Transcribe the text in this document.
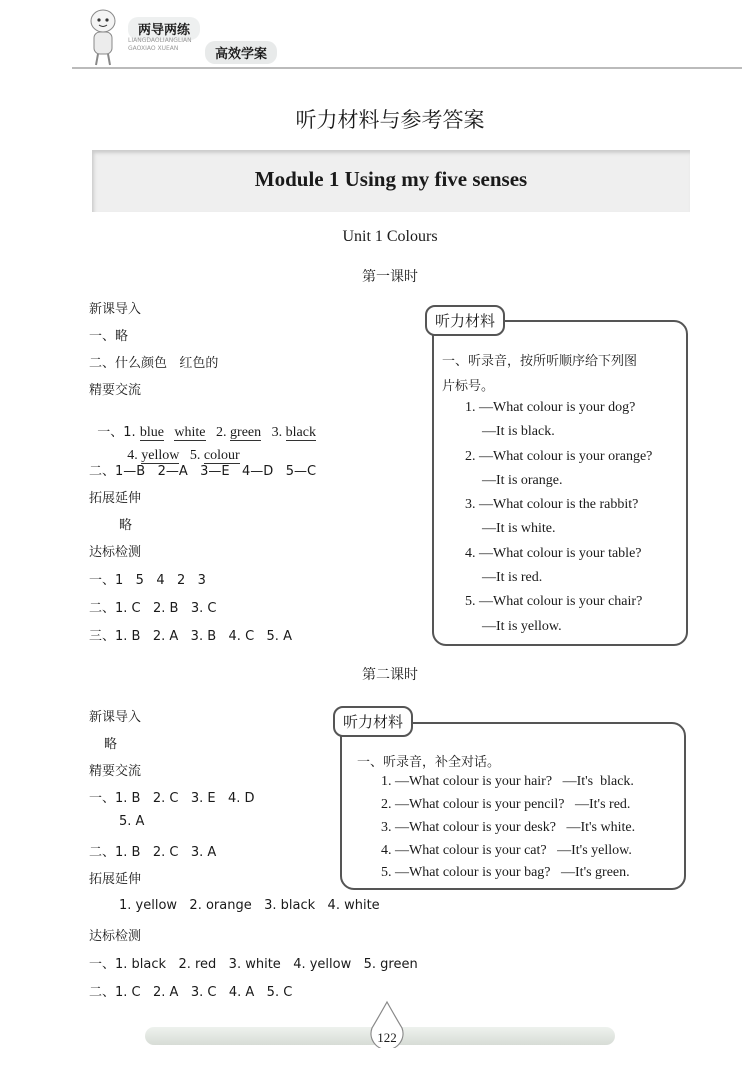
两导两练
LIANGDAOLIANGLIAN GAOXIAO XUEAN	高效学案
听力材料与参考答案
Module 1 Using my five senses
Unit 1 Colours
第一课时
新课导入
一、略
二、什么颜色   红色的
精要交流

一、1. blue white 2. green 3. black

4. yellow 5. colour

二、1—B   2—A   3—E   4—D   5—C
拓展延伸
略
达标检测
一、1   5   4   2   3
二、1. C   2. B   3. C
三、1. B   2. A   3. B   4. C   5. A
听力材料
一、听录音，按所听顺序给下列图
片标号。
1. —What colour is your dog?
—It is black.
2. —What colour is your orange?
—It is orange.
3. —What colour is the rabbit?
—It is white.
4. —What colour is your table?
—It is red.
5. —What colour is your chair?
—It is yellow.
第二课时
新课导入
略
精要交流
一、1. B   2. C   3. E   4. D
5. A
二、1. B   2. C   3. A
拓展延伸
1. yellow   2. orange   3. black   4. white
达标检测
一、1. black   2. red   3. white   4. yellow   5. green
二、1. C   2. A   3. C   4. A   5. C
听力材料
一、听录音，补全对话。
1. —What colour is your hair?   —It's  black.
2. —What colour is your pencil?   —It's red.
3. —What colour is your desk?   —It's white.
4. —What colour is your cat?   —It's yellow.
5. —What colour is your bag?   —It's green.
122
